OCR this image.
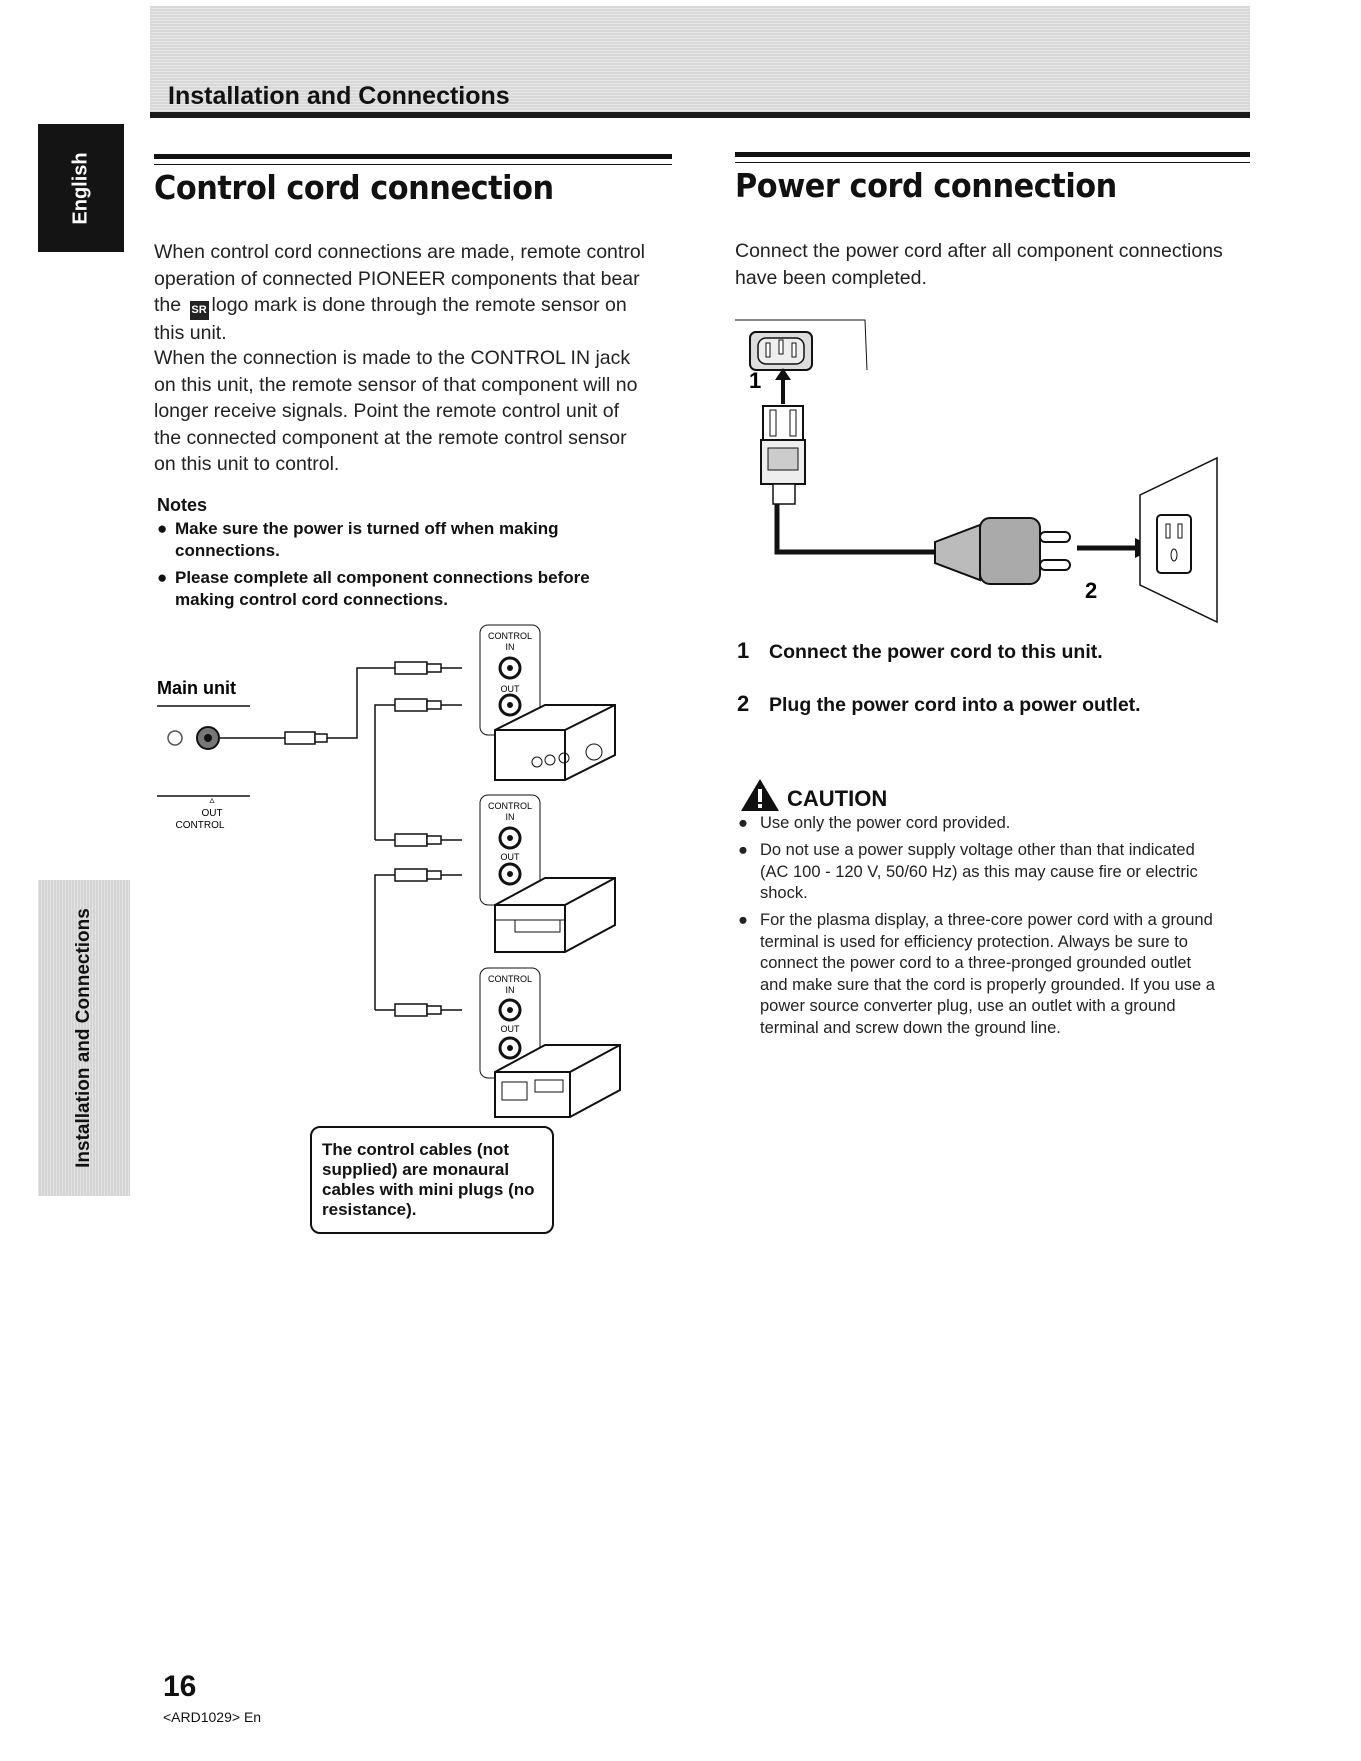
Installation and Connections
English
Installation and Connections
Control cord connection
When control cord connections are made, remote control
operation of connected PIONEER components that bear
the SR logo mark is done through the remote sensor on
this unit.
When the connection is made to the CONTROL IN jack
on this unit, the remote sensor of that component will no
longer receive signals. Point the remote control unit of
the connected component at the remote control sensor
on this unit to control.
Notes
● Make sure the power is turned off when making
connections.
● Please complete all component connections before
making control cord connections.
Main unit
▵
OUT
CONTROL
CONTROL
IN
OUT
CONTROL
IN
OUT
CONTROL
IN
OUT
The control cables (not
supplied) are monaural
cables with mini plugs (no
resistance).
Power cord connection
Connect the power cord after all component connections
have been completed.
1
2
1 Connect the power cord to this unit.
2 Plug the power cord into a power outlet.
CAUTION
● Use only the power cord provided.
● Do not use a power supply voltage other than that indicated
(AC 100 - 120 V, 50/60 Hz) as this may cause fire or electric
shock.
● For the plasma display, a three-core power cord with a ground
terminal is used for efficiency protection. Always be sure to
connect the power cord to a three-pronged grounded outlet
and make sure that the cord is properly grounded. If you use a
power source converter plug, use an outlet with a ground
terminal and screw down the ground line.
16
<ARD1029> En
